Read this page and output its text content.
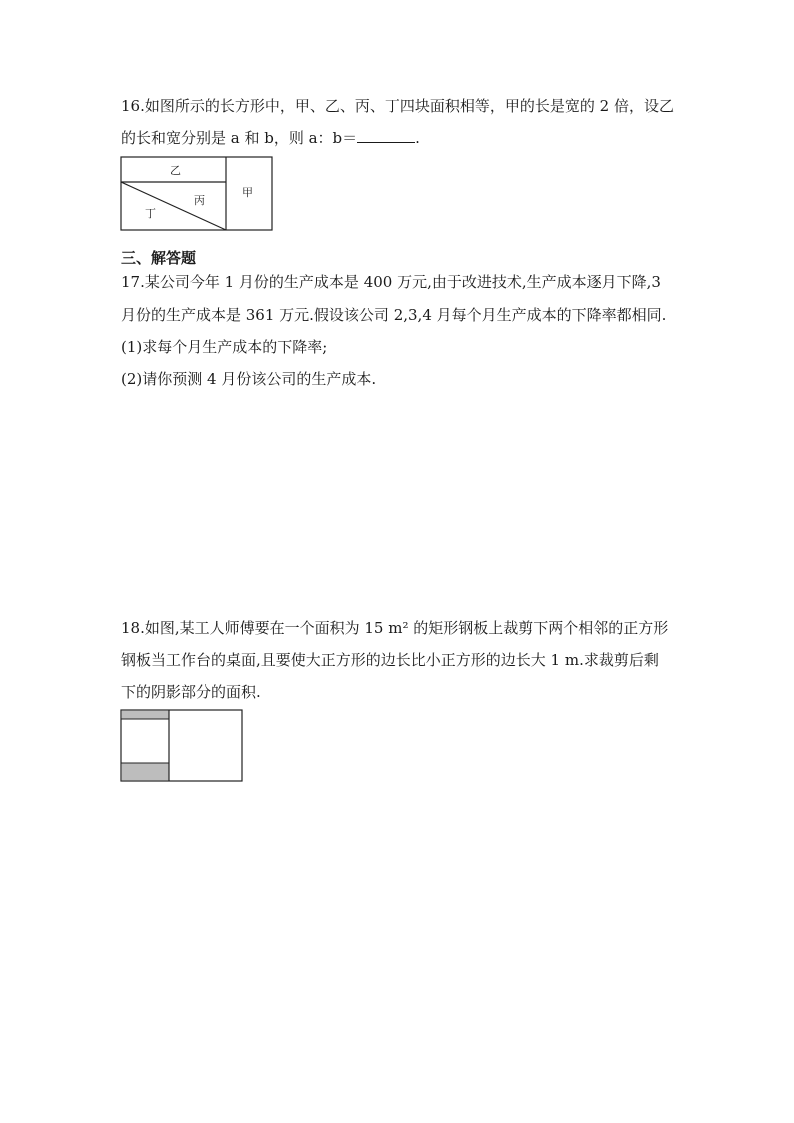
16.如图所示的长方形中，甲、乙、丙、丁四块面积相等，甲的长是宽的 2 倍，设乙
的长和宽分别是 a 和 b，则 a：b＝	.
乙
甲
丙
丁
三、解答题
17.某公司今年 1 月份的生产成本是 400 万元,由于改进技术,生产成本逐月下降,3
月份的生产成本是 361 万元.假设该公司 2,3,4 月每个月生产成本的下降率都相同.
(1)求每个月生产成本的下降率;
(2)请你预测 4 月份该公司的生产成本.
18.如图,某工人师傅要在一个面积为 15 m² 的矩形钢板上裁剪下两个相邻的正方形
钢板当工作台的桌面,且要使大正方形的边长比小正方形的边长大 1 m.求裁剪后剩
下的阴影部分的面积.
